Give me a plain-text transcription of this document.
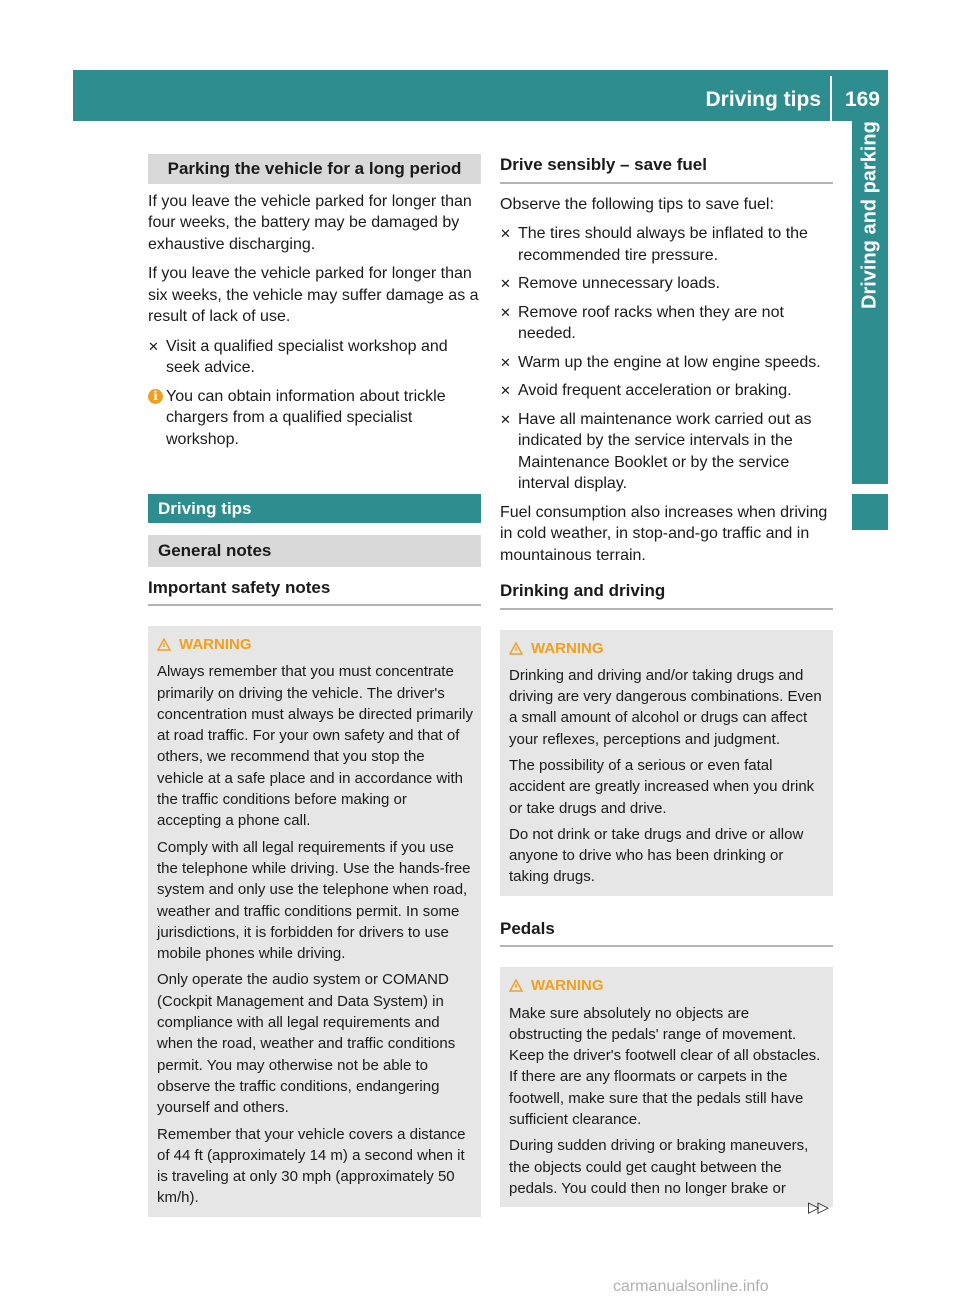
Driving tips 169
Driving and parking
Parking the vehicle for a long period

If you leave the vehicle parked for longer than four weeks, the battery may be damaged by exhaustive discharging.

If you leave the vehicle parked for longer than six weeks, the vehicle may suffer damage as a result of lack of use.

✕ Visit a qualified specialist workshop and seek advice.
i You can obtain information about trickle chargers from a qualified specialist workshop.
Driving tips
General notes
Important safety notes
WARNING

Always remember that you must concentrate primarily on driving the vehicle. The driver's concentration must always be directed primarily at road traffic. For your own safety and that of others, we recommend that you stop the vehicle at a safe place and in accordance with the traffic conditions before making or accepting a phone call.

Comply with all legal requirements if you use the telephone while driving. Use the hands-free system and only use the telephone when road, weather and traffic conditions permit. In some jurisdictions, it is forbidden for drivers to use mobile phones while driving.

Only operate the audio system or COMAND (Cockpit Management and Data System) in compliance with all legal requirements and when the road, weather and traffic conditions permit. You may otherwise not be able to observe the traffic conditions, endangering yourself and others.

Remember that your vehicle covers a distance of 44 ft (approximately 14 m) a second when it is traveling at only 30 mph (approximately 50 km/h).

Drive sensibly – save fuel

Observe the following tips to save fuel:

✕ The tires should always be inflated to the recommended tire pressure.
✕ Remove unnecessary loads.
✕ Remove roof racks when they are not needed.
✕ Warm up the engine at low engine speeds.
✕ Avoid frequent acceleration or braking.
✕ Have all maintenance work carried out as indicated by the service intervals in the Maintenance Booklet or by the service interval display.

Fuel consumption also increases when driving in cold weather, in stop-and-go traffic and in mountainous terrain.

Drinking and driving
WARNING

Drinking and driving and/or taking drugs and driving are very dangerous combinations. Even a small amount of alcohol or drugs can affect your reflexes, perceptions and judgment.

The possibility of a serious or even fatal accident are greatly increased when you drink or take drugs and drive.

Do not drink or take drugs and drive or allow anyone to drive who has been drinking or taking drugs.

Pedals
WARNING

Make sure absolutely no objects are obstructing the pedals' range of movement. Keep the driver's footwell clear of all obstacles. If there are any floormats or carpets in the footwell, make sure that the pedals still have sufficient clearance.

During sudden driving or braking maneuvers, the objects could get caught between the pedals. You could then no longer brake or

▷▷
carmanualsonline.info
